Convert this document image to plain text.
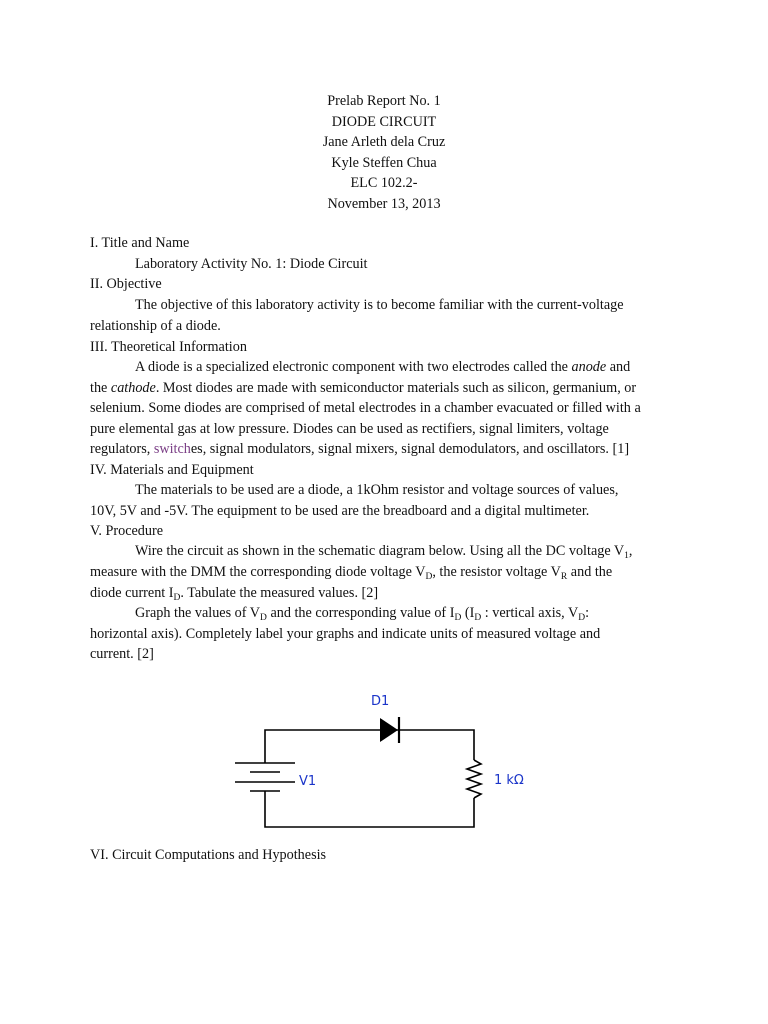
Prelab Report No. 1
DIODE CIRCUIT
Jane Arleth dela Cruz
Kyle Steffen Chua
ELC 102.2-
November 13, 2013
I. Title and Name
Laboratory Activity No. 1: Diode Circuit
II. Objective
The objective of this laboratory activity is to become familiar with the current-voltage
relationship of a diode.
III. Theoretical Information
A diode is a specialized electronic component with two electrodes called the anode and
the cathode. Most diodes are made with semiconductor materials such as silicon, germanium, or
selenium. Some diodes are comprised of metal electrodes in a chamber evacuated or filled with a
pure elemental gas at low pressure. Diodes can be used as rectifiers, signal limiters, voltage
regulators, switches, signal modulators, signal mixers, signal demodulators, and oscillators. [1]
IV. Materials and Equipment
The materials to be used are a diode, a 1kOhm resistor and voltage sources of values,
10V, 5V and -5V. The equipment to be used are the breadboard and a digital multimeter.
V. Procedure
Wire the circuit as shown in the schematic diagram below. Using all the DC voltage $V_1$,
measure with the DMM the corresponding diode voltage $V_D$, the resistor voltage $V_R$ and the
diode current $I_D$. Tabulate the measured values. [2]
Graph the values of $V_D$ and the corresponding value of $I_D$ ($I_D$ : vertical axis, $V_D$:
horizontal axis). Completely label your graphs and indicate units of measured voltage and
current. [2]
D1
V1	1 kΩ
VI. Circuit Computations and Hypothesis
